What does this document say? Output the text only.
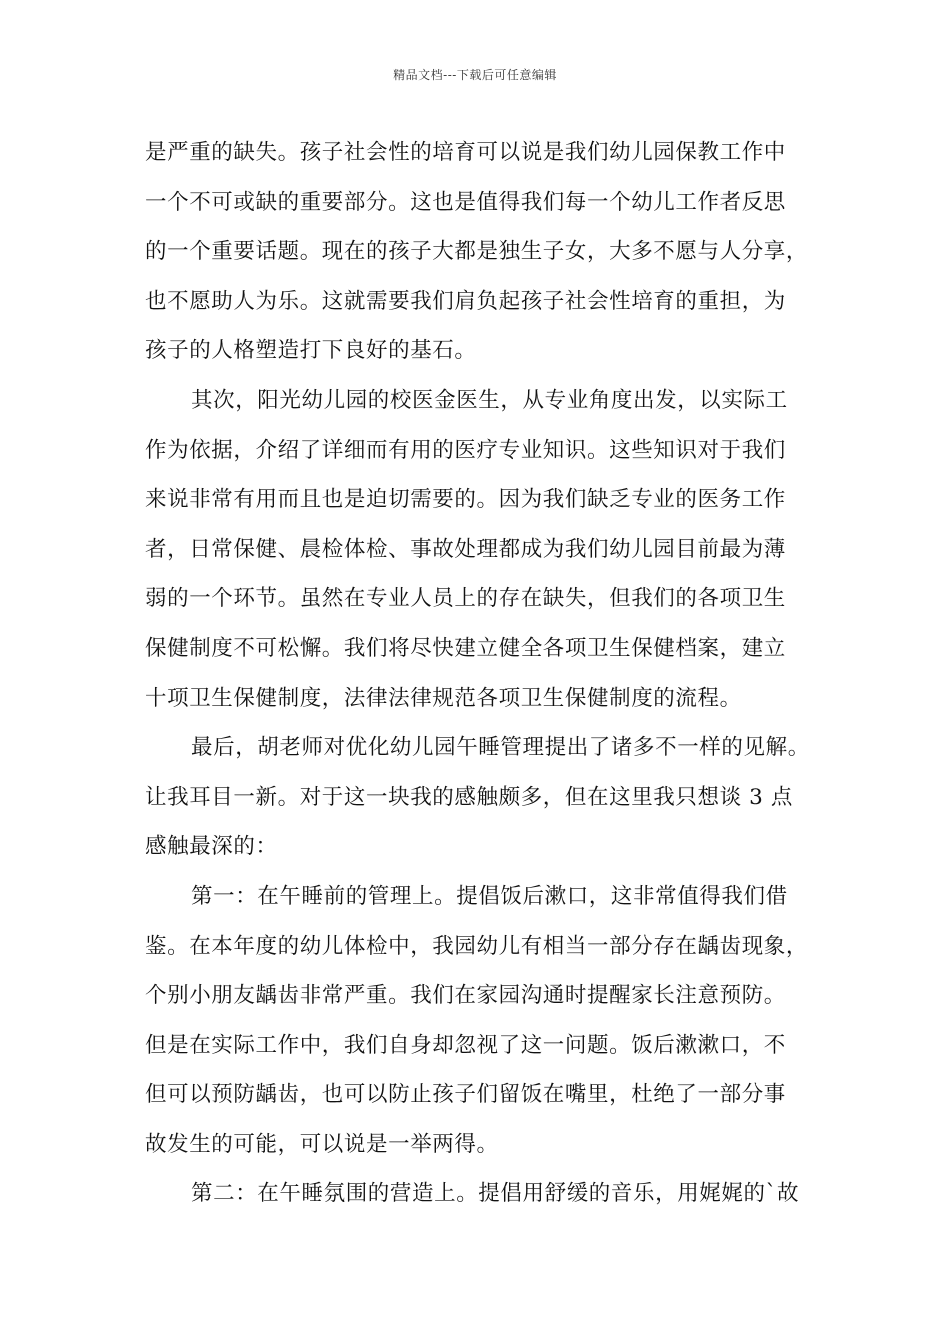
精品文档---下载后可任意编辑
是严重的缺失。孩子社会性的培育可以说是我们幼儿园保教工作中
一个不可或缺的重要部分。这也是值得我们每一个幼儿工作者反思
的一个重要话题。现在的孩子大都是独生子女，大多不愿与人分享，
也不愿助人为乐。这就需要我们肩负起孩子社会性培育的重担，为
孩子的人格塑造打下良好的基石。
其次，阳光幼儿园的校医金医生，从专业角度出发，以实际工
作为依据，介绍了详细而有用的医疗专业知识。这些知识对于我们
来说非常有用而且也是迫切需要的。因为我们缺乏专业的医务工作
者，日常保健、晨检体检、事故处理都成为我们幼儿园目前最为薄
弱的一个环节。虽然在专业人员上的存在缺失，但我们的各项卫生
保健制度不可松懈。我们将尽快建立健全各项卫生保健档案，建立
十项卫生保健制度，法律法律规范各项卫生保健制度的流程。
最后，胡老师对优化幼儿园午睡管理提出了诸多不一样的见解。
让我耳目一新。对于这一块我的感触颇多，但在这里我只想谈 3 点
感触最深的：
第一：在午睡前的管理上。提倡饭后漱口，这非常值得我们借
鉴。在本年度的幼儿体检中，我园幼儿有相当一部分存在龋齿现象，
个别小朋友龋齿非常严重。我们在家园沟通时提醒家长注意预防。
但是在实际工作中，我们自身却忽视了这一问题。饭后漱漱口，不
但可以预防龋齿，也可以防止孩子们留饭在嘴里，杜绝了一部分事
故发生的可能，可以说是一举两得。
第二：在午睡氛围的营造上。提倡用舒缓的音乐，用娓娓的`故
